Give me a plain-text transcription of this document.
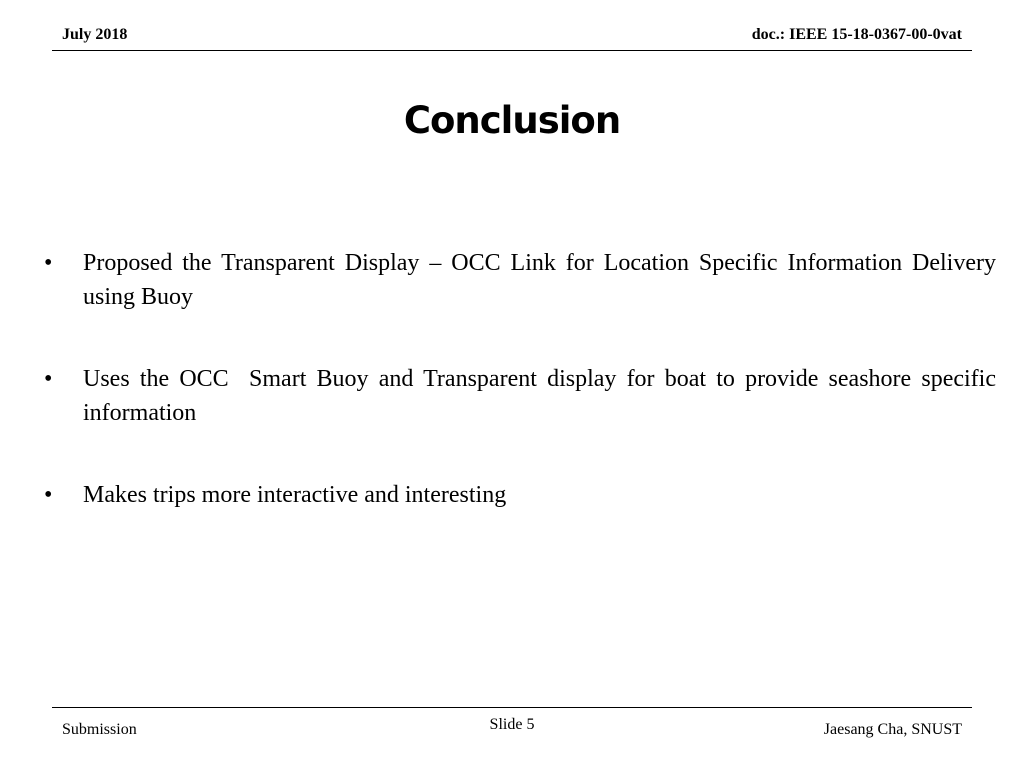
July 2018	doc.: IEEE 15-18-0367-00-0vat
Conclusion
•	Proposed the Transparent Display – OCC Link for Location Specific Information Delivery using Buoy
•	Uses the OCC  Smart Buoy and Transparent display for boat to provide seashore specific information
•	Makes trips more interactive and interesting
Submission	Slide 5	Jaesang Cha, SNUST
